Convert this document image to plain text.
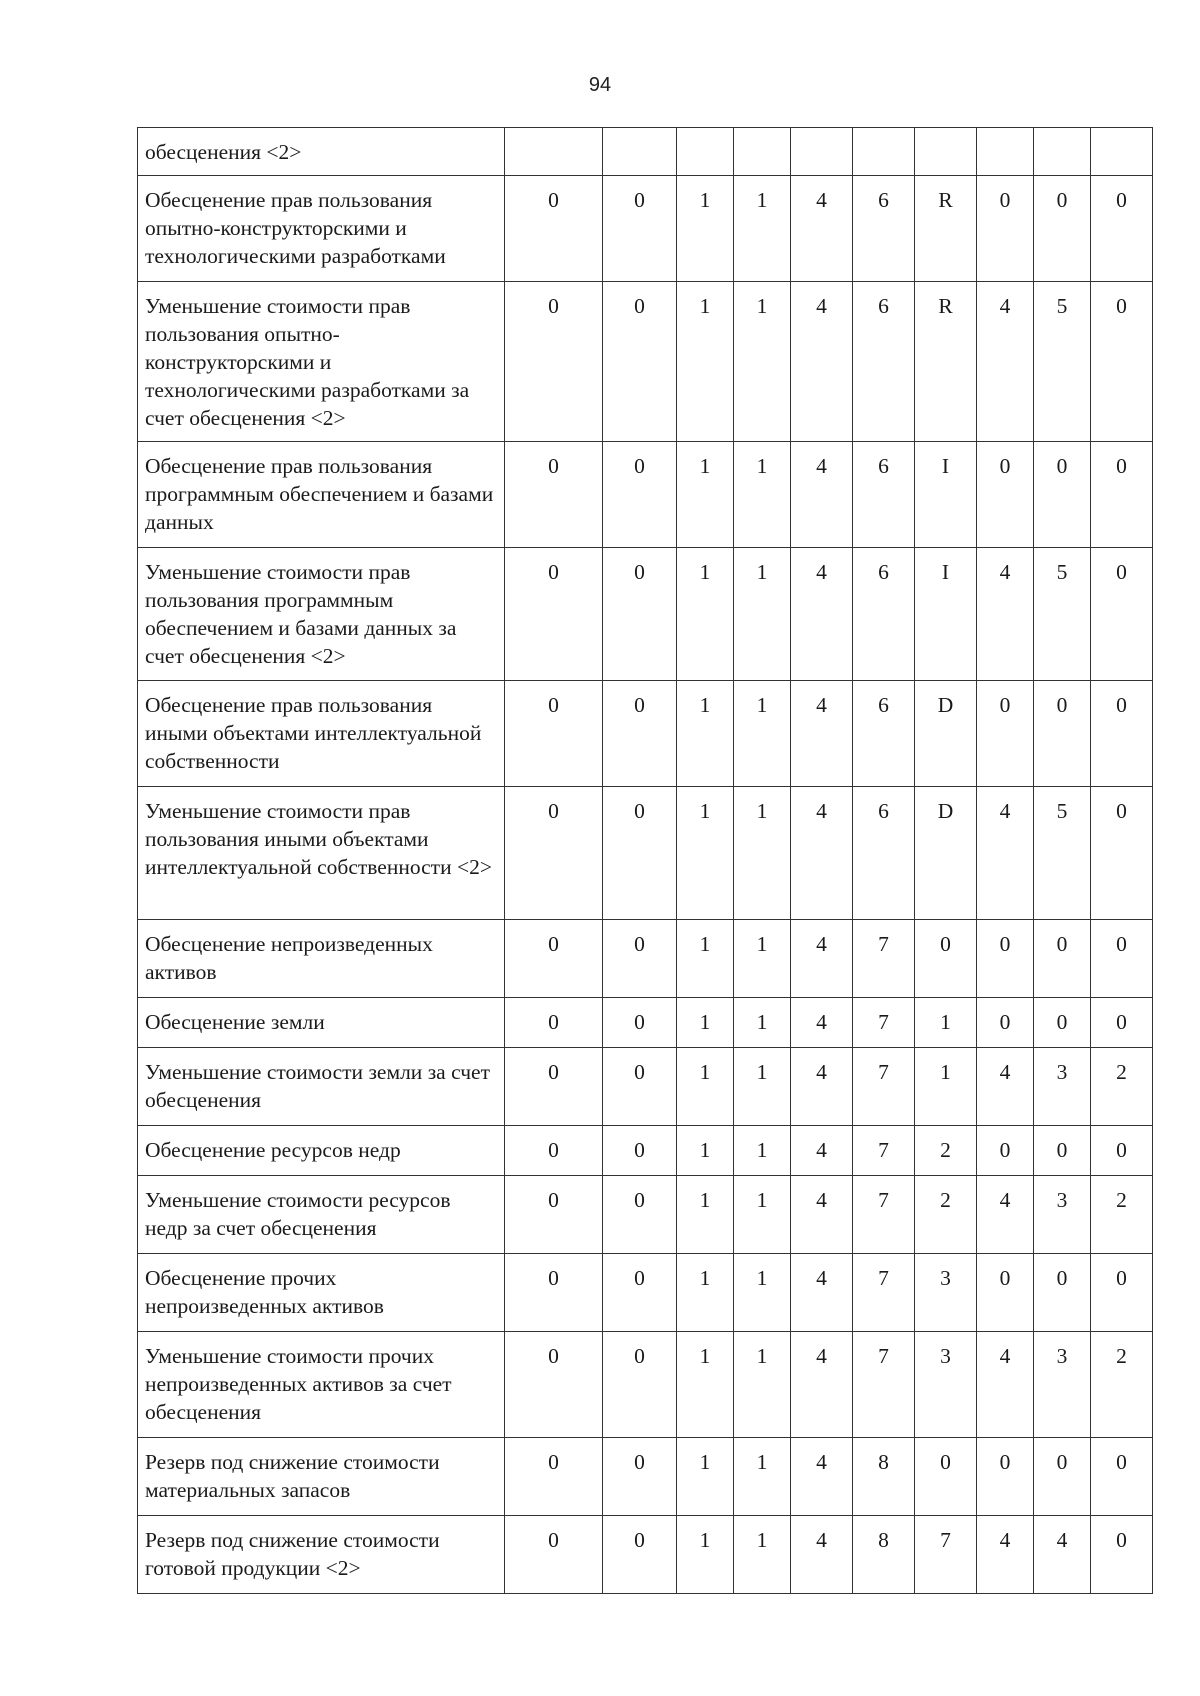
94
обесценения <2>										
Обесценение прав пользования опытно-конструкторскими и технологическими разработками	0	0	1	1	4	6	R	0	0	0
Уменьшение стоимости прав пользования опытно-конструкторскими и технологическими разработками за счет обесценения <2>	0	0	1	1	4	6	R	4	5	0
Обесценение прав пользования программным обеспечением и базами данных	0	0	1	1	4	6	I	0	0	0
Уменьшение стоимости прав пользования программным обеспечением и базами данных за счет обесценения <2>	0	0	1	1	4	6	I	4	5	0
Обесценение прав пользования иными объектами интеллектуальной собственности	0	0	1	1	4	6	D	0	0	0
Уменьшение стоимости прав пользования иными объектами интеллектуальной собственности <2>	0	0	1	1	4	6	D	4	5	0
Обесценение непроизведенных активов	0	0	1	1	4	7	0	0	0	0
Обесценение земли	0	0	1	1	4	7	1	0	0	0
Уменьшение стоимости земли за счет обесценения	0	0	1	1	4	7	1	4	3	2
Обесценение ресурсов недр	0	0	1	1	4	7	2	0	0	0
Уменьшение стоимости ресурсов недр за счет обесценения	0	0	1	1	4	7	2	4	3	2
Обесценение прочих непроизведенных активов	0	0	1	1	4	7	3	0	0	0
Уменьшение стоимости прочих непроизведенных активов за счет обесценения	0	0	1	1	4	7	3	4	3	2
Резерв под снижение стоимости материальных запасов	0	0	1	1	4	8	0	0	0	0
Резерв под снижение стоимости готовой продукции <2>	0	0	1	1	4	8	7	4	4	0
